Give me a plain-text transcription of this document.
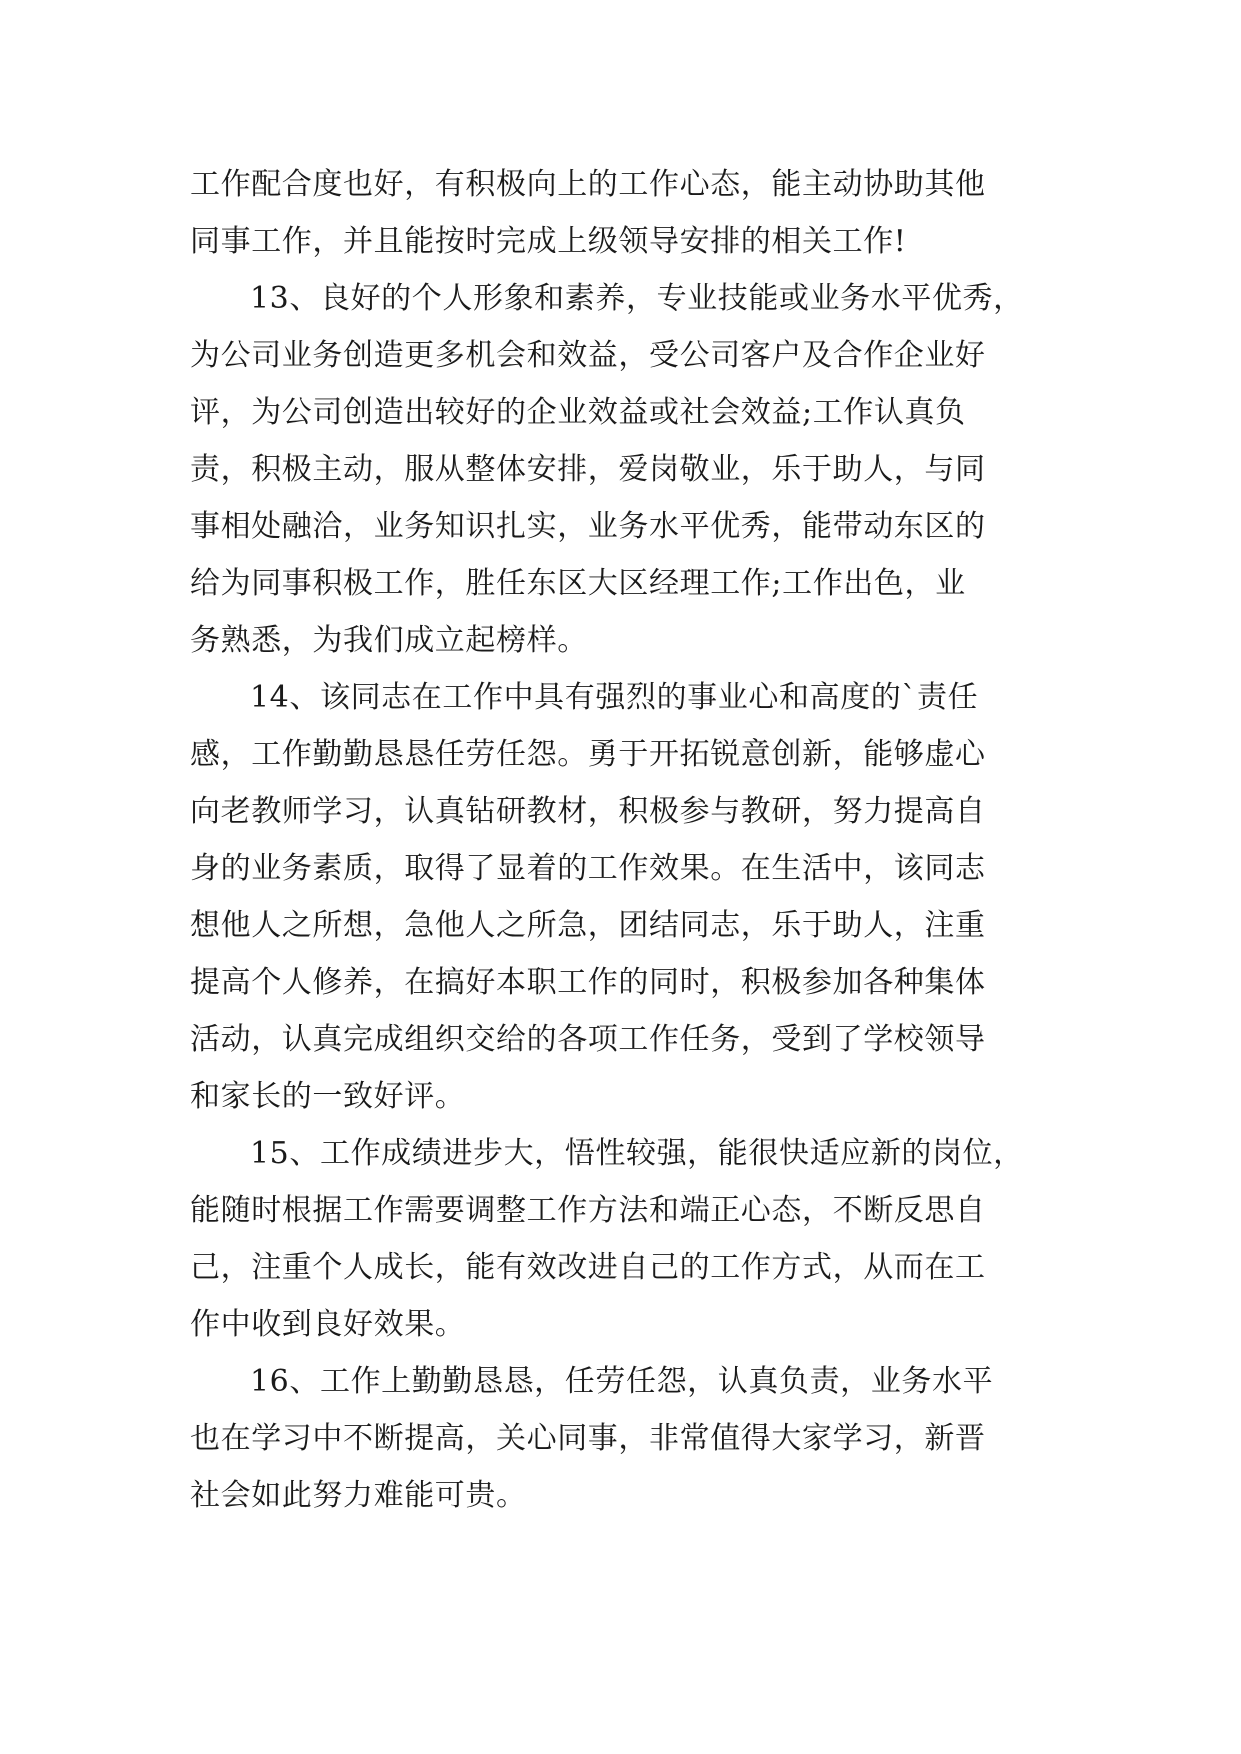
工作配合度也好，有积极向上的工作心态，能主动协助其他
同事工作，并且能按时完成上级领导安排的相关工作!
13、良好的个人形象和素养，专业技能或业务水平优秀，
为公司业务创造更多机会和效益，受公司客户及合作企业好
评，为公司创造出较好的企业效益或社会效益;工作认真负
责，积极主动，服从整体安排，爱岗敬业，乐于助人，与同
事相处融洽，业务知识扎实，业务水平优秀，能带动东区的
给为同事积极工作，胜任东区大区经理工作;工作出色，业
务熟悉，为我们成立起榜样。
14、该同志在工作中具有强烈的事业心和高度的`责任
感，工作勤勤恳恳任劳任怨。勇于开拓锐意创新，能够虚心
向老教师学习，认真钻研教材，积极参与教研，努力提高自
身的业务素质，取得了显着的工作效果。在生活中，该同志
想他人之所想，急他人之所急，团结同志，乐于助人，注重
提高个人修养，在搞好本职工作的同时，积极参加各种集体
活动，认真完成组织交给的各项工作任务，受到了学校领导
和家长的一致好评。
15、工作成绩进步大，悟性较强，能很快适应新的岗位，
能随时根据工作需要调整工作方法和端正心态，不断反思自
己，注重个人成长，能有效改进自己的工作方式，从而在工
作中收到良好效果。
16、工作上勤勤恳恳，任劳任怨，认真负责，业务水平
也在学习中不断提高，关心同事，非常值得大家学习，新晋
社会如此努力难能可贵。
